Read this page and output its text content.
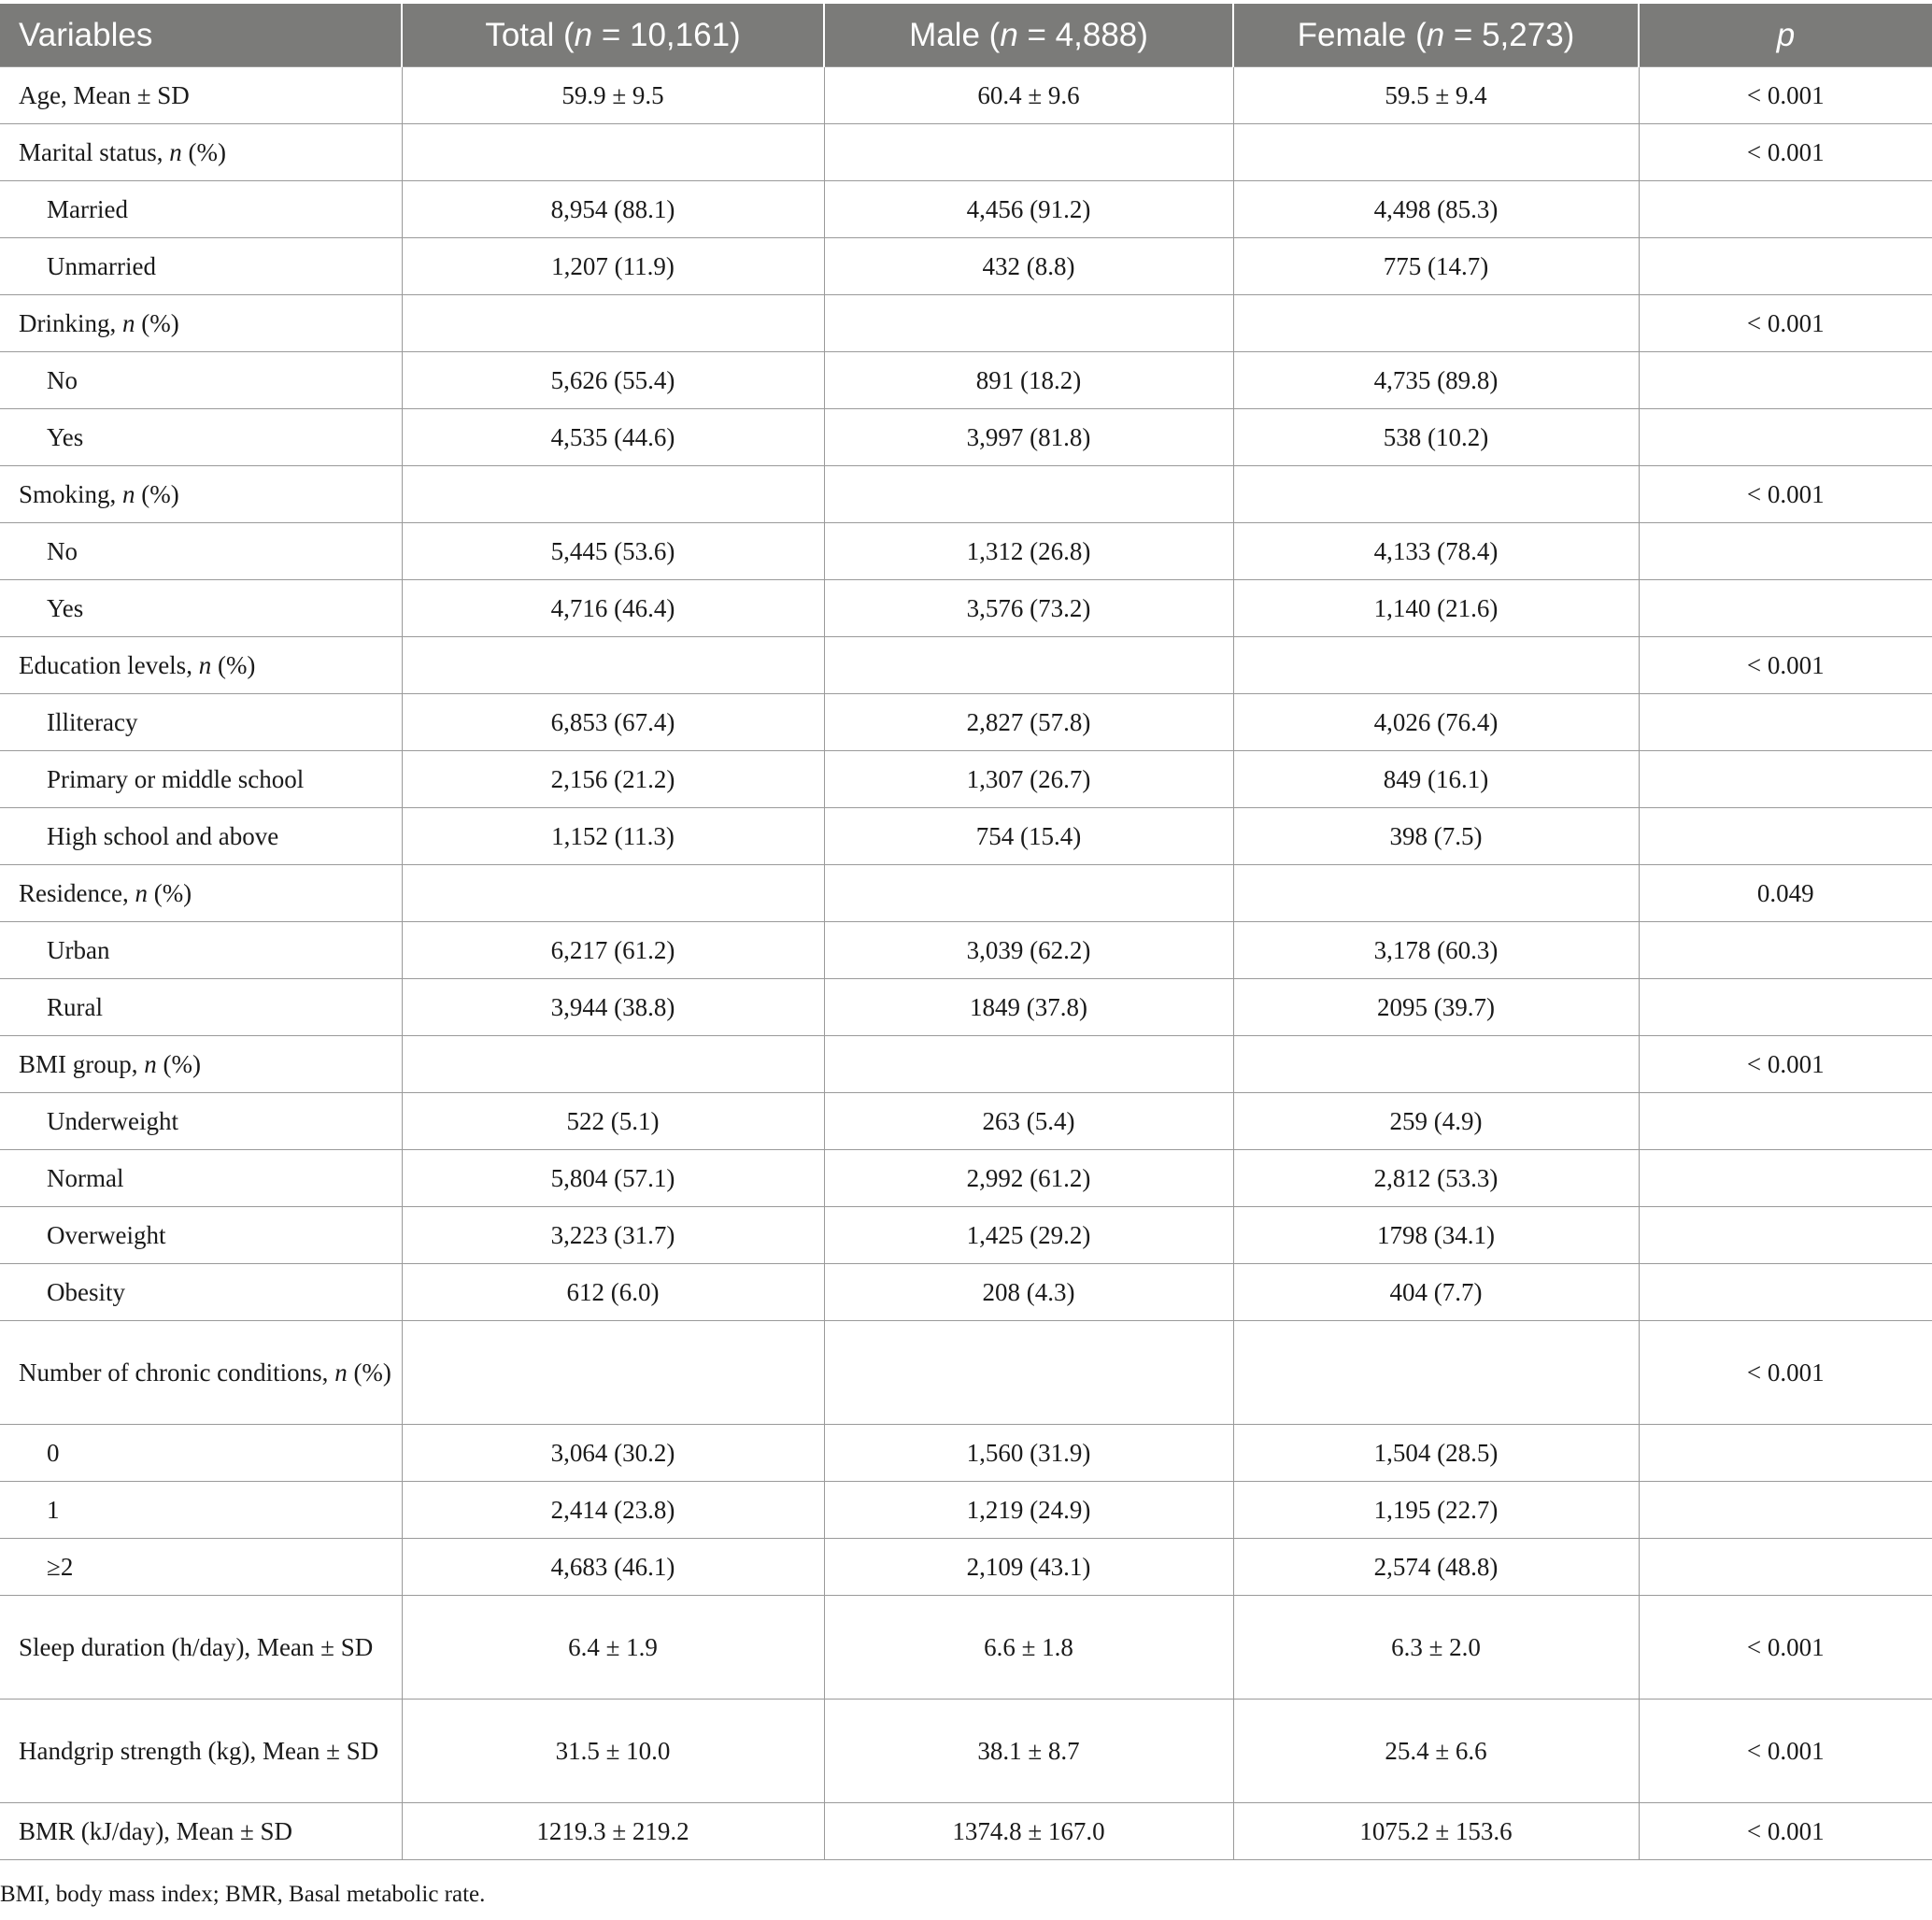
Variables	Total (n = 10,161)	Male (n = 4,888)	Female (n = 5,273)	p
Age, Mean ± SD	59.9 ± 9.5	60.4 ± 9.6	59.5 ± 9.4	< 0.001
Marital status, n (%)				< 0.001
Married	8,954 (88.1)	4,456 (91.2)	4,498 (85.3)	
Unmarried	1,207 (11.9)	432 (8.8)	775 (14.7)	
Drinking, n (%)				< 0.001
No	5,626 (55.4)	891 (18.2)	4,735 (89.8)	
Yes	4,535 (44.6)	3,997 (81.8)	538 (10.2)	
Smoking, n (%)				< 0.001
No	5,445 (53.6)	1,312 (26.8)	4,133 (78.4)	
Yes	4,716 (46.4)	3,576 (73.2)	1,140 (21.6)	
Education levels, n (%)				< 0.001
Illiteracy	6,853 (67.4)	2,827 (57.8)	4,026 (76.4)	
Primary or middle school	2,156 (21.2)	1,307 (26.7)	849 (16.1)	
High school and above	1,152 (11.3)	754 (15.4)	398 (7.5)	
Residence, n (%)				0.049
Urban	6,217 (61.2)	3,039 (62.2)	3,178 (60.3)	
Rural	3,944 (38.8)	1849 (37.8)	2095 (39.7)	
BMI group, n (%)				< 0.001
Underweight	522 (5.1)	263 (5.4)	259 (4.9)	
Normal	5,804 (57.1)	2,992 (61.2)	2,812 (53.3)	
Overweight	3,223 (31.7)	1,425 (29.2)	1798 (34.1)	
Obesity	612 (6.0)	208 (4.3)	404 (7.7)	
Number of chronic conditions, n (%)				< 0.001
0	3,064 (30.2)	1,560 (31.9)	1,504 (28.5)	
1	2,414 (23.8)	1,219 (24.9)	1,195 (22.7)	
≥2	4,683 (46.1)	2,109 (43.1)	2,574 (48.8)	
Sleep duration (h/day), Mean ± SD	6.4 ± 1.9	6.6 ± 1.8	6.3 ± 2.0	< 0.001
Handgrip strength (kg), Mean ± SD	31.5 ± 10.0	38.1 ± 8.7	25.4 ± 6.6	< 0.001
BMR (kJ/day), Mean ± SD	1219.3 ± 219.2	1374.8 ± 167.0	1075.2 ± 153.6	< 0.001
BMI, body mass index; BMR, Basal metabolic rate.
